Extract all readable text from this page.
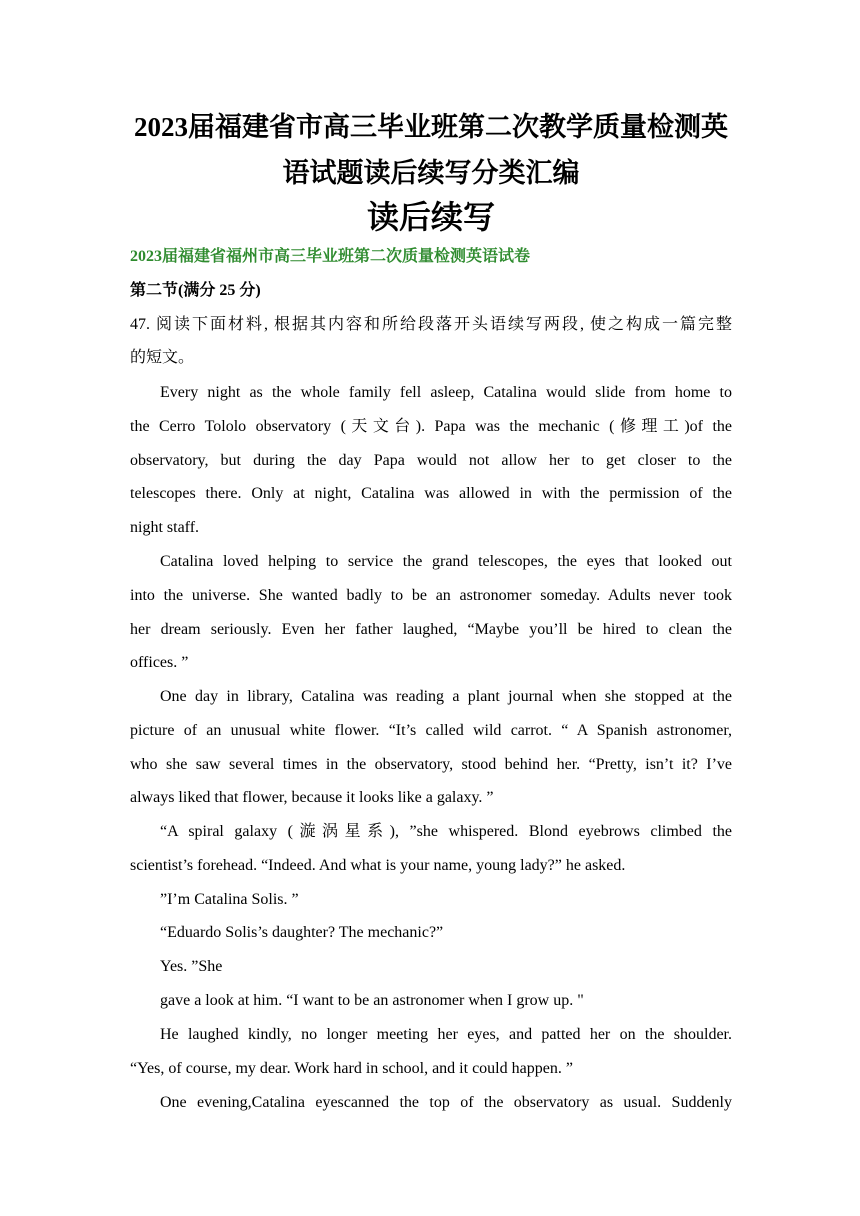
2023届福建省市高三毕业班第二次教学质量检测英
语试题读后续写分类汇编
读后续写

2023届福建省福州市高三毕业班第二次质量检测英语试卷

第二节(满分 25 分)

47. 阅读下面材料, 根据其内容和所给段落开头语续写两段, 使之构成一篇完整

的短文。

Every night as the whole family fell asleep, Catalina would slide from home to

the Cerro Tololo observatory (天文台). Papa was the mechanic (修理工)of the

observatory, but during the day Papa would not allow her to get closer to the

telescopes there. Only at night, Catalina was allowed in with the permission of the

night staff.

Catalina loved helping to service the grand telescopes, the eyes that looked out

into the universe. She wanted badly to be an astronomer someday. Adults never took

her dream seriously. Even her father laughed, “Maybe you’ll be hired to clean the

offices. ”

One day in library, Catalina was reading a plant journal when she stopped at the

picture of an unusual white flower. “It’s called wild carrot. “ A Spanish astronomer,

who she saw several times in the observatory, stood behind her. “Pretty, isn’t it? I’ve

always liked that flower, because it looks like a galaxy. ”

“A spiral galaxy (漩涡星系), ”she whispered. Blond eyebrows climbed the

scientist’s forehead. “Indeed. And what is your name, young lady?” he asked.

”I’m Catalina Solis. ”

“Eduardo Solis’s daughter? The mechanic?”

Yes. ”She

gave a look at him. “I want to be an astronomer when I grow up. "

He laughed kindly, no longer meeting her eyes, and patted her on the shoulder.

“Yes, of course, my dear. Work hard in school, and it could happen. ”

One evening,Catalina eyescanned the top of the observatory as usual. Suddenly
